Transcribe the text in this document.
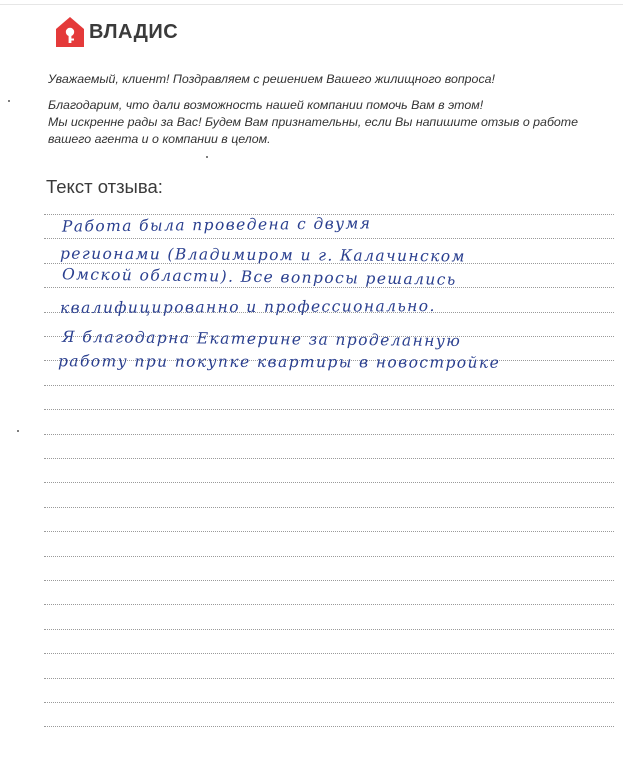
ВЛАДИС
Уважаемый, клиент! Поздравляем с решением Вашего жилищного вопроса!
Благодарим, что дали возможность нашей компании помочь Вам в этом!
Мы искренне рады за Вас! Будем Вам признательны, если Вы напишите отзыв о работе
вашего агента и о компании в целом.
Текст отзыва:
Работа была проведена с двумя
регионами (Владимиром и г. Калачинском
Омской области). Все вопросы решались
квалифицированно и профессионально.
Я благодарна Екатерине за проделанную
работу при покупке квартиры в новостройке
